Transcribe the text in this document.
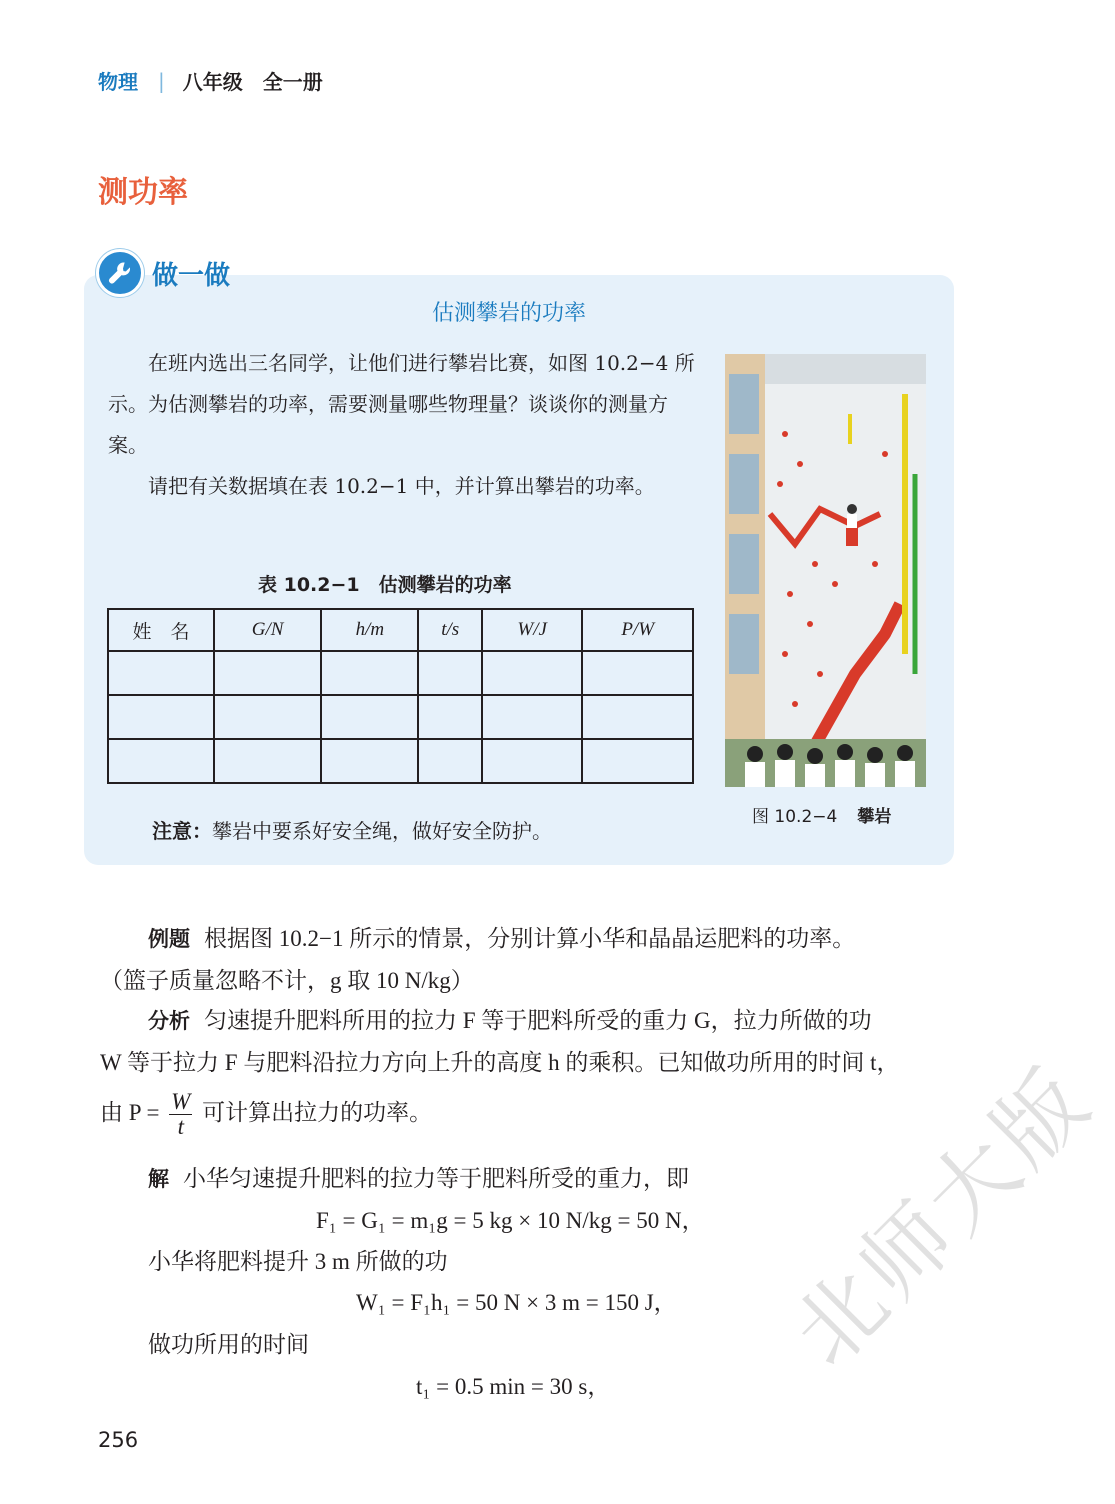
物理 | 八年级　全一册
测功率
做一做
估测攀岩的功率

在班内选出三名同学，让他们进行攀岩比赛，如图 10.2−4 所示。为估测攀岩的功率，需要测量哪些物理量？谈谈你的测量方案。

请把有关数据填在表 10.2−1 中，并计算出攀岩的功率。

表 10.2−1　估测攀岩的功率
姓　名	G/N	h/m	t/s	W/J	P/W

注意：攀岩中要系好安全绳，做好安全防护。
图 10.2−4 攀岩
例题 根据图 10.2−1 所示的情景，分别计算小华和晶晶运肥料的功率。
（篮子质量忽略不计，g 取 10 N/kg）
分析 匀速提升肥料所用的拉力 F 等于肥料所受的重力 G，拉力所做的功
W 等于拉力 F 与肥料沿拉力方向上升的高度 h 的乘积。已知做功所用的时间 t，
由 $P = \frac{W}{t}$ 可计算出拉力的功率。
解 小华匀速提升肥料的拉力等于肥料所受的重力，即
F₁ = G₁ = m₁g = 5 kg × 10 N/kg = 50 N，
小华将肥料提升 3 m 所做的功
W₁ = F₁h₁ = 50 N × 3 m = 150 J，
做功所用的时间
t₁ = 0.5 min = 30 s，
256
北师大版
